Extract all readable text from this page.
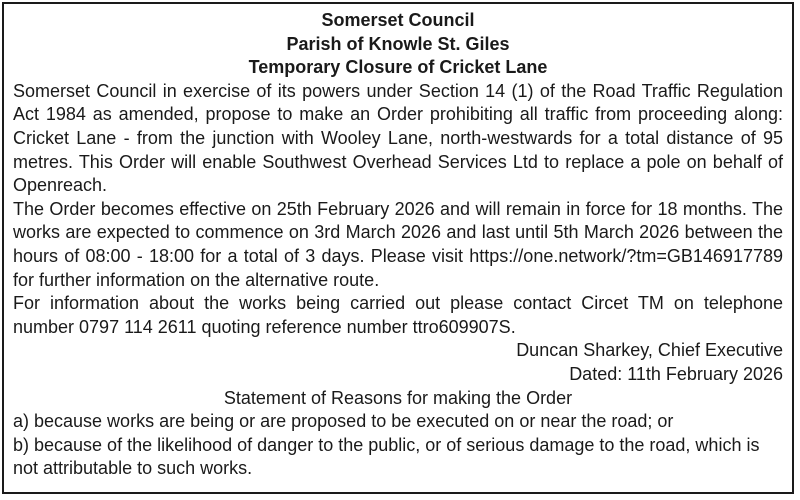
Somerset Council

Parish of Knowle St. Giles

Temporary Closure of Cricket Lane

Somerset Council in exercise of its powers under Section 14 (1) of the Road Traffic Regulation Act 1984 as amended, propose to make an Order prohibiting all traffic from proceeding along: Cricket Lane - from the junction with Wooley Lane, north-westwards for a total distance of 95 metres. This Order will enable Southwest Overhead Services Ltd to replace a pole on behalf of Openreach.

The Order becomes effective on 25th February 2026 and will remain in force for 18 months. The works are expected to commence on 3rd March 2026 and last until 5th March 2026 between the hours of 08:00 - 18:00 for a total of 3 days. Please visit https://one.network/?tm=GB146917789 for further information on the alternative route.

For information about the works being carried out please contact Circet TM on telephone number 0797 114 2611 quoting reference number ttro609907S.

Duncan Sharkey, Chief Executive

Dated: 11th February 2026

Statement of Reasons for making the Order

a) because works are being or are proposed to be executed on or near the road; or

b) because of the likelihood of danger to the public, or of serious damage to the road, which is not attributable to such works.
